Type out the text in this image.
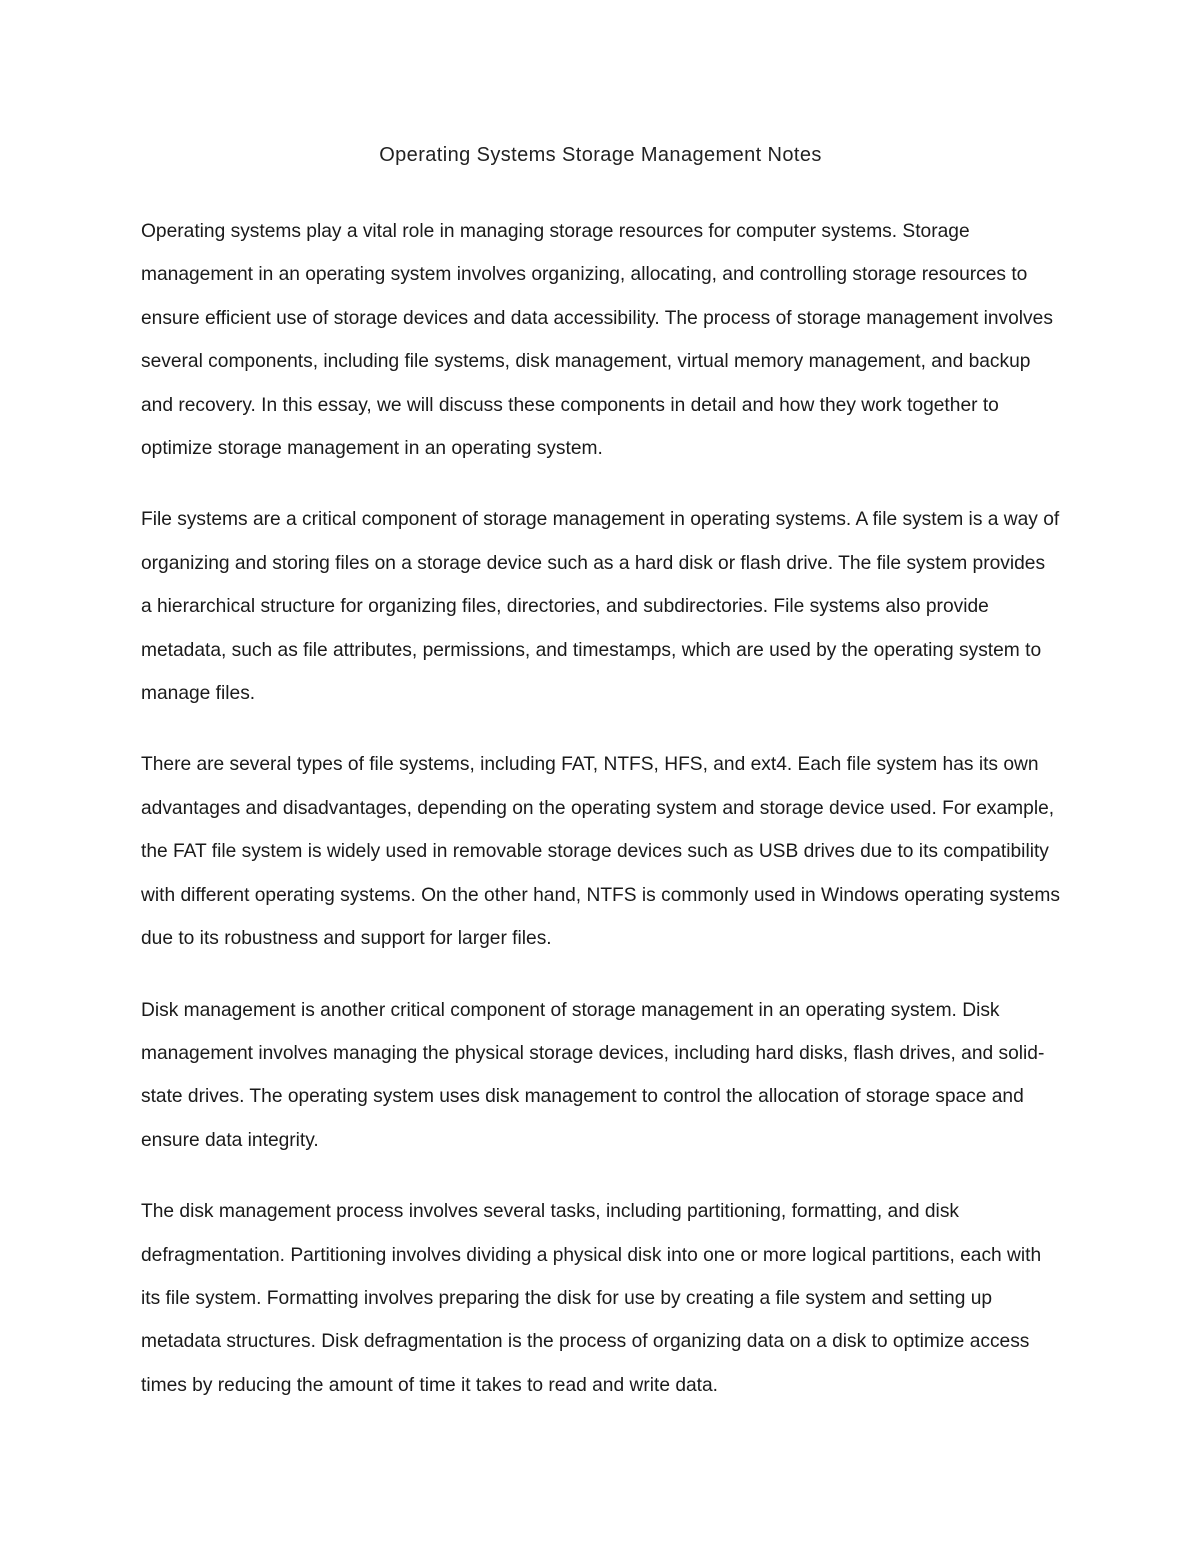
Operating Systems Storage Management Notes

Operating systems play a vital role in managing storage resources for computer systems. Storage management in an operating system involves organizing, allocating, and controlling storage resources to ensure efficient use of storage devices and data accessibility. The process of storage management involves several components, including file systems, disk management, virtual memory management, and backup and recovery. In this essay, we will discuss these components in detail and how they work together to optimize storage management in an operating system.

File systems are a critical component of storage management in operating systems. A file system is a way of organizing and storing files on a storage device such as a hard disk or flash drive. The file system provides a hierarchical structure for organizing files, directories, and subdirectories. File systems also provide metadata, such as file attributes, permissions, and timestamps, which are used by the operating system to manage files.

There are several types of file systems, including FAT, NTFS, HFS, and ext4. Each file system has its own advantages and disadvantages, depending on the operating system and storage device used. For example, the FAT file system is widely used in removable storage devices such as USB drives due to its compatibility with different operating systems. On the other hand, NTFS is commonly used in Windows operating systems due to its robustness and support for larger files.

Disk management is another critical component of storage management in an operating system. Disk management involves managing the physical storage devices, including hard disks, flash drives, and solid-state drives. The operating system uses disk management to control the allocation of storage space and ensure data integrity.

The disk management process involves several tasks, including partitioning, formatting, and disk defragmentation. Partitioning involves dividing a physical disk into one or more logical partitions, each with its file system. Formatting involves preparing the disk for use by creating a file system and setting up metadata structures. Disk defragmentation is the process of organizing data on a disk to optimize access times by reducing the amount of time it takes to read and write data.
